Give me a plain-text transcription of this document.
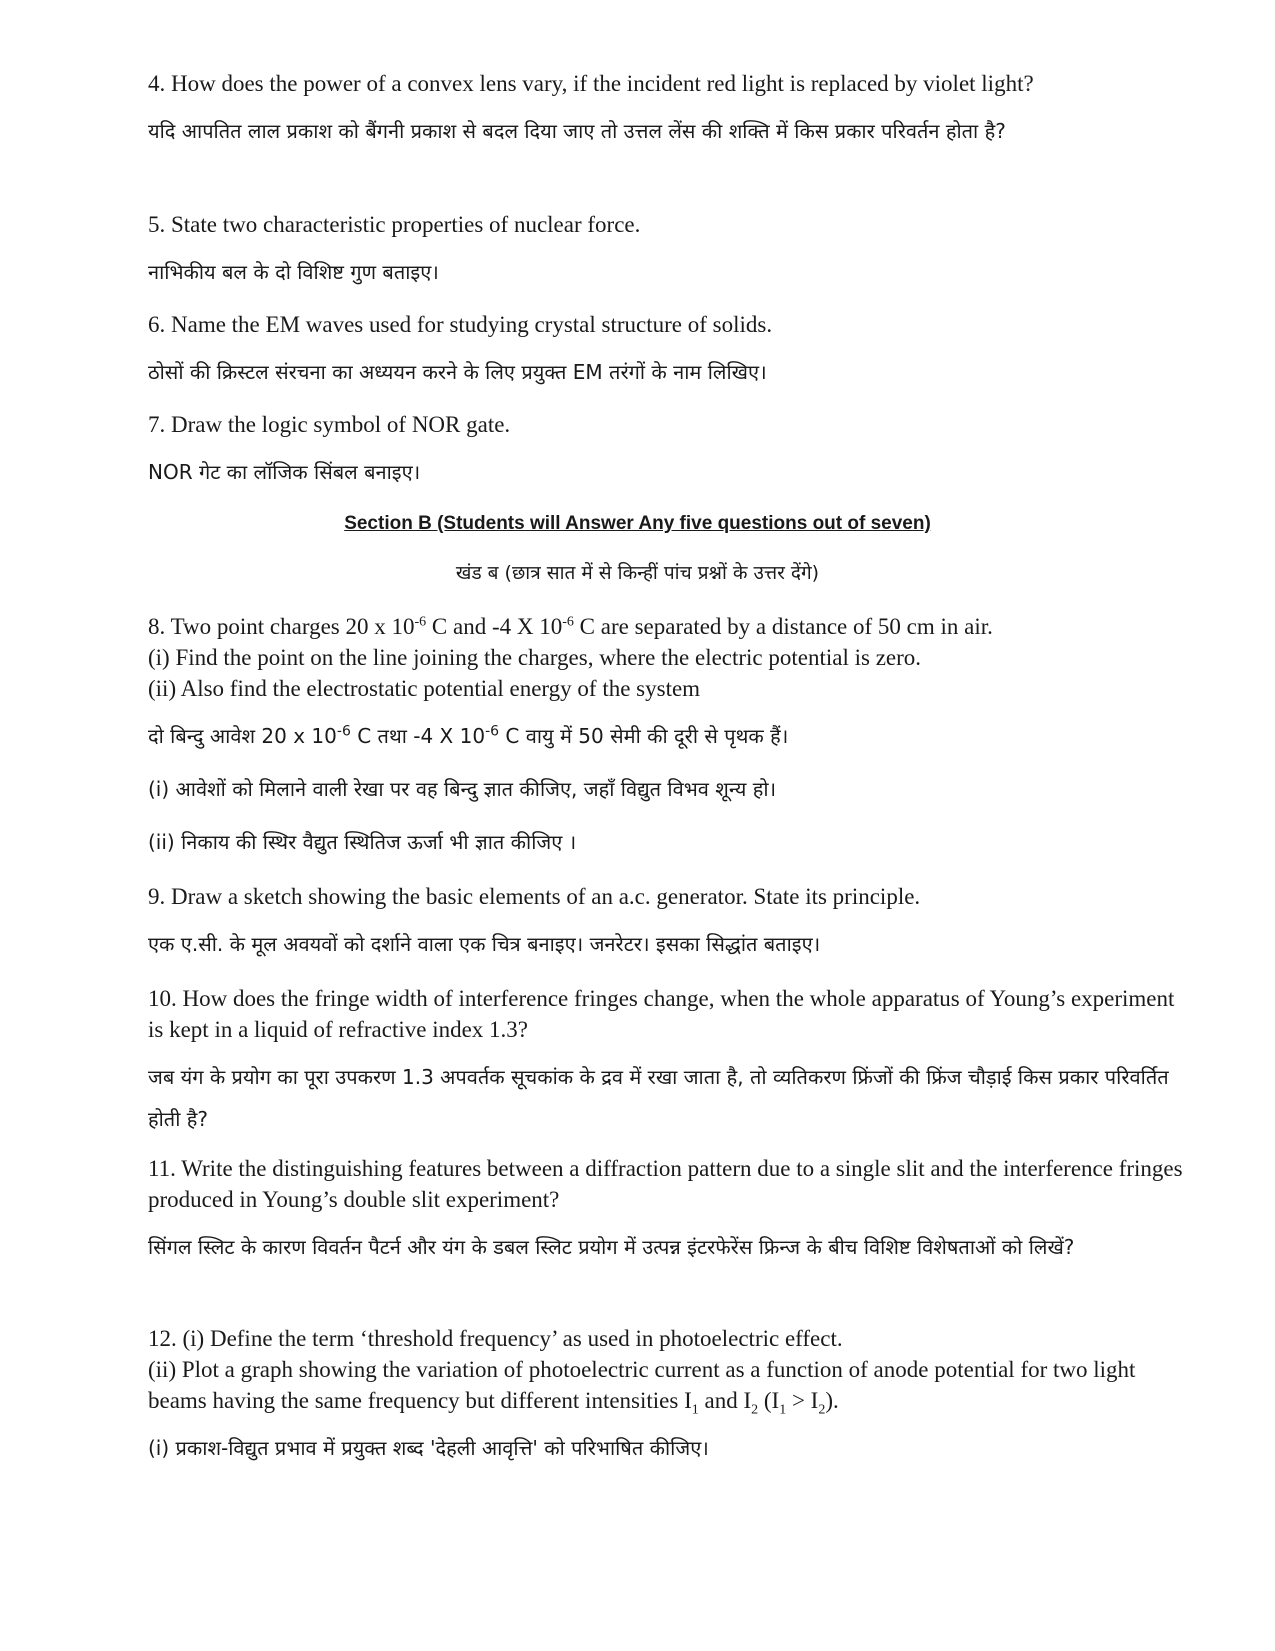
4. How does the power of a convex lens vary, if the incident red light is replaced by violet light?

यदि आपतित लाल प्रकाश को बैंगनी प्रकाश से बदल दिया जाए तो उत्तल लेंस की शक्ति में किस प्रकार परिवर्तन होता है?

5. State two characteristic properties of nuclear force.

नाभिकीय बल के दो विशिष्ट गुण बताइए।

6. Name the EM waves used for studying crystal structure of solids.

ठोसों की क्रिस्टल संरचना का अध्ययन करने के लिए प्रयुक्त EM तरंगों के नाम लिखिए।

7. Draw the logic symbol of NOR gate.

NOR गेट का लॉजिक सिंबल बनाइए।

Section B (Students will Answer Any five questions out of seven)

खंड ब (छात्र सात में से किन्हीं पांच प्रश्नों के उत्तर देंगे)

8. Two point charges 20 x $10^{-6}$ C and -4 X $10^{-6}$ C are separated by a distance of 50 cm in air.

(i) Find the point on the line joining the charges, where the electric potential is zero.

(ii) Also find the electrostatic potential energy of the system

दो बिन्दु आवेश 20 x $10^{-6}$ C तथा -4 X $10^{-6}$ C वायु में 50 सेमी की दूरी से पृथक हैं।

(i) आवेशों को मिलाने वाली रेखा पर वह बिन्दु ज्ञात कीजिए, जहाँ विद्युत विभव शून्य हो।

(ii) निकाय की स्थिर वैद्युत स्थितिज ऊर्जा भी ज्ञात कीजिए ।

9. Draw a sketch showing the basic elements of an a.c. generator. State its principle.

एक ए.सी. के मूल अवयवों को दर्शाने वाला एक चित्र बनाइए। जनरेटर। इसका सिद्धांत बताइए।

10. How does the fringe width of interference fringes change, when the whole apparatus of Young’s experiment is kept in a liquid of refractive index 1.3?

जब यंग के प्रयोग का पूरा उपकरण 1.3 अपवर्तक सूचकांक के द्रव में रखा जाता है, तो व्यतिकरण फ्रिंजों की फ्रिंज चौड़ाई किस प्रकार परिवर्तित होती है?

11. Write the distinguishing features between a diffraction pattern due to a single slit and the interference fringes produced in Young’s double slit experiment?

सिंगल स्लिट के कारण विवर्तन पैटर्न और यंग के डबल स्लिट प्रयोग में उत्पन्न इंटरफेरेंस फ्रिन्ज के बीच विशिष्ट विशेषताओं को लिखें?

12. (i) Define the term ‘threshold frequency’ as used in photoelectric effect.

(ii) Plot a graph showing the variation of photoelectric current as a function of anode potential for two light beams having the same frequency but different intensities $I_1$ and $I_2$ $(I_1 > I_2)$.

(i) प्रकाश-विद्युत प्रभाव में प्रयुक्त शब्द 'देहली आवृत्ति' को परिभाषित कीजिए।
